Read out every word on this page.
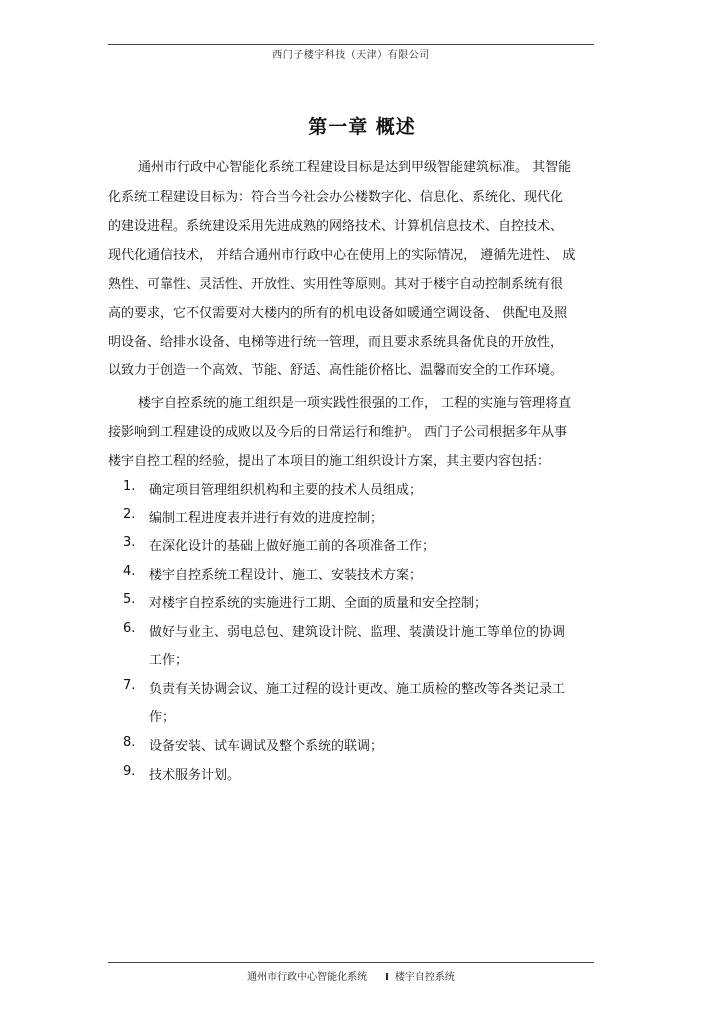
西门子楼宇科技（天津）有限公司
第一章 概述
通州市行政中心智能化系统工程建设目标是达到甲级智能建筑标准。 其智能
化系统工程建设目标为：符合当今社会办公楼数字化、信息化、系统化、现代化
的建设进程。系统建设采用先进成熟的网络技术、计算机信息技术、自控技术、
现代化通信技术， 并结合通州市行政中心在使用上的实际情况， 遵循先进性、 成
熟性、可靠性、灵活性、开放性、实用性等原则。其对于楼宇自动控制系统有很
高的要求，它不仅需要对大楼内的所有的机电设备如暖通空调设备、 供配电及照
明设备、给排水设备、电梯等进行统一管理，而且要求系统具备优良的开放性，
以致力于创造一个高效、节能、舒适、高性能价格比、温馨而安全的工作环境。
楼宇自控系统的施工组织是一项实践性很强的工作， 工程的实施与管理将直
接影响到工程建设的成败以及今后的日常运行和维护。 西门子公司根据多年从事
楼宇自控工程的经验，提出了本项目的施工组织设计方案，其主要内容包括：
1. 确定项目管理组织机构和主要的技术人员组成；
2. 编制工程进度表并进行有效的进度控制；
3. 在深化设计的基础上做好施工前的各项准备工作；
4. 楼宇自控系统工程设计、施工、安装技术方案；
5. 对楼宇自控系统的实施进行工期、全面的质量和安全控制；
6. 做好与业主、弱电总包、建筑设计院、监理、装潢设计施工等单位的协调
工作；
7. 负责有关协调会议、施工过程的设计更改、施工质检的整改等各类记录工
作；
8. 设备安装、试车调试及整个系统的联调；
9. 技术服务计划。
通州市行政中心智能化系统 I 楼宇自控系统
